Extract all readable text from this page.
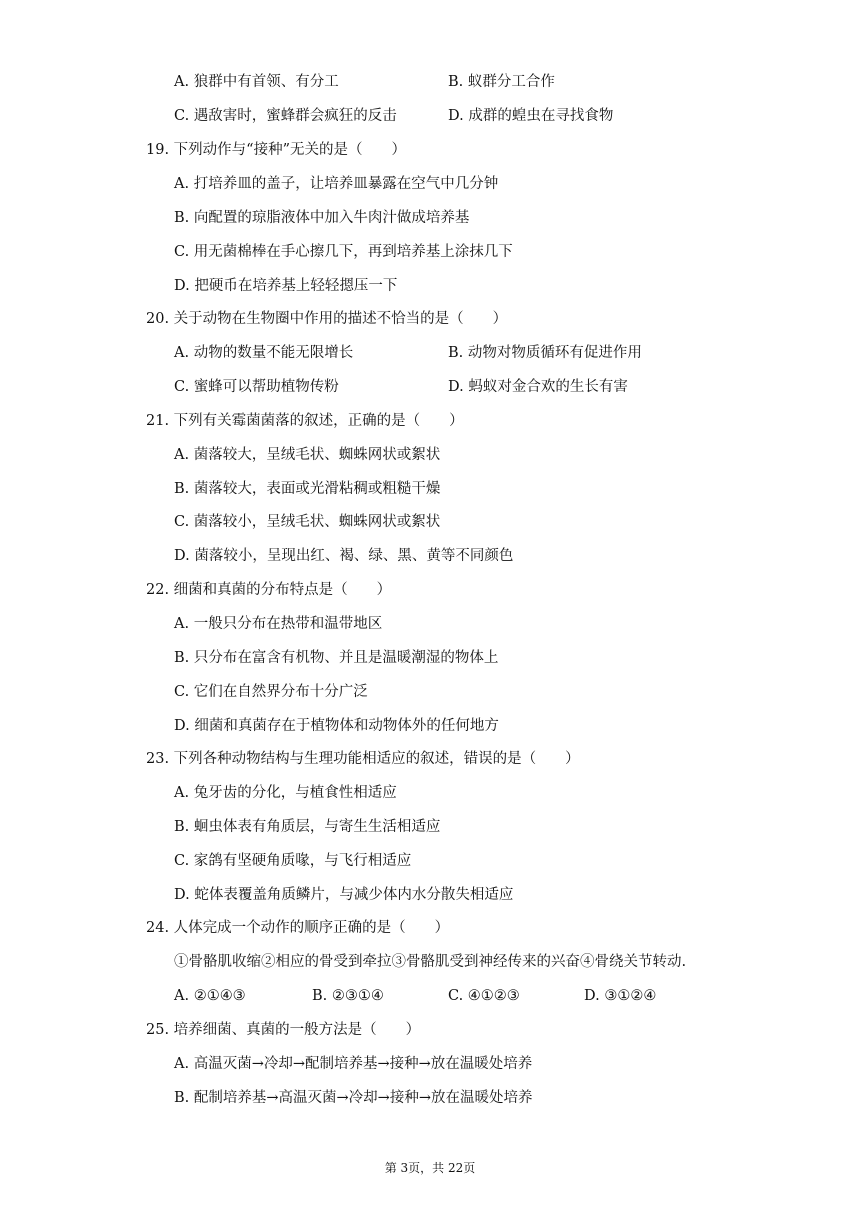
A. 狼群中有首领、有分工	B. 蚁群分工合作
C. 遇敌害时，蜜蜂群会疯狂的反击	D. 成群的蝗虫在寻找食物
19. 下列动作与“接种”无关的是（　　）
A. 打培养皿的盖子，让培养皿暴露在空气中几分钟
B. 向配置的琼脂液体中加入牛肉汁做成培养基
C. 用无菌棉棒在手心擦几下，再到培养基上涂抹几下
D. 把硬币在培养基上轻轻摁压一下
20. 关于动物在生物圈中作用的描述不恰当的是（　　）
A. 动物的数量不能无限增长	B. 动物对物质循环有促进作用
C. 蜜蜂可以帮助植物传粉	D. 蚂蚁对金合欢的生长有害
21. 下列有关霉菌菌落的叙述，正确的是（　　）
A. 菌落较大，呈绒毛状、蜘蛛网状或絮状
B. 菌落较大，表面或光滑粘稠或粗糙干燥
C. 菌落较小，呈绒毛状、蜘蛛网状或絮状
D. 菌落较小，呈现出红、褐、绿、黑、黄等不同颜色
22. 细菌和真菌的分布特点是（　　）
A. 一般只分布在热带和温带地区
B. 只分布在富含有机物、并且是温暖潮湿的物体上
C. 它们在自然界分布十分广泛
D. 细菌和真菌存在于植物体和动物体外的任何地方
23. 下列各种动物结构与生理功能相适应的叙述，错误的是（　　）
A. 兔牙齿的分化，与植食性相适应
B. 蛔虫体表有角质层，与寄生生活相适应
C. 家鸽有坚硬角质喙，与飞行相适应
D. 蛇体表覆盖角质鳞片，与减少体内水分散失相适应
24. 人体完成一个动作的顺序正确的是（　　）
①骨骼肌收缩②相应的骨受到牵拉③骨骼肌受到神经传来的兴奋④骨绕关节转动.
A. ②①④③	B. ②③①④	C. ④①②③	D. ③①②④
25. 培养细菌、真菌的一般方法是（　　）
A. 高温灭菌→冷却→配制培养基→接种→放在温暖处培养
B. 配制培养基→高温灭菌→冷却→接种→放在温暖处培养
第 3页，共 22页
